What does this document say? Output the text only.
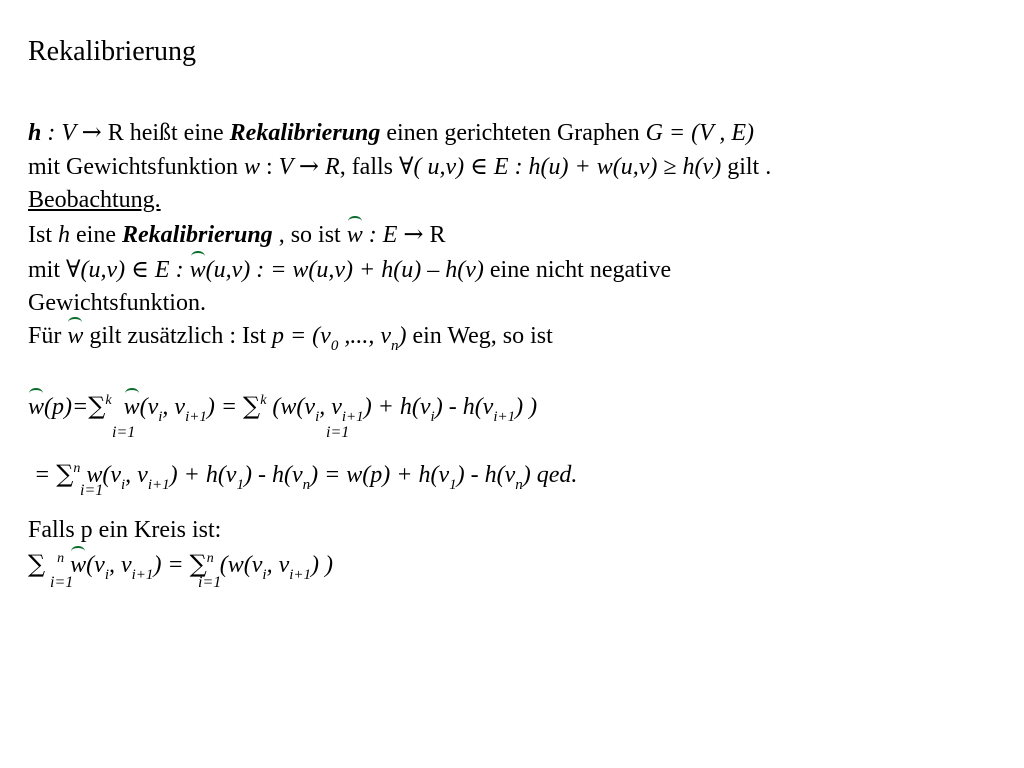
Rekalibrierung
h : V → R heißt eine Rekalibrierung einen gerichteten Graphen G = (V , E)
mit Gewichtsfunktion w : V → R, falls ∀( u,v) ∈ E : h(u) + w(u,v) ≥ h(v) gilt .
Beobachtung.
Ist h eine Rekalibrierung , so ist w : E → R
mit ∀(u,v) ∈ E : w(u,v) : = w(u,v) + h(u) – h(v) eine nicht negative
Gewichtsfunktion.
Für w gilt zusätzlich : Ist $p = (v_0$ ,..., $v_n$) ein Weg, so ist
w(p)=∑$^k$ $w(v_i$, $v_{i+1}) = \sum^k$ ($w(v_i$, $v_{i+1}) + h(v_i) - h(v_{i+1})$ )
i=1	i=1
= ∑$^n$ $w(v_i$, $v_{i+1}) + h(v_1) - h(v_n) = w(p) + h(v_1) - h(v_n)$ qed.
i=1
Falls p ein Kreis ist:
∑ $^n$ $w(v_i$, $v_{i+1}) = \sum^n$ ($w(v_i$, $v_{i+1}$) )
i=1	i=1
